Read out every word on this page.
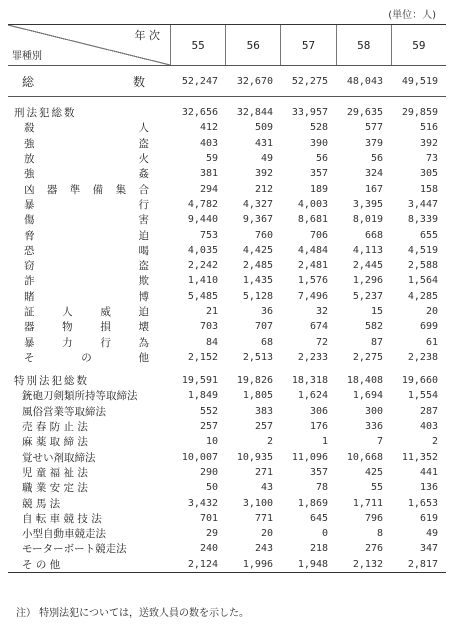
(単位：人)
年 次
罪種別
55	56	57	58	59
総	数	52,247	32,670	52,275	48,043	49,519
刑法犯総数	32,656	32,844	33,957	29,635	29,859
殺	人	412	509	528	577	516
強	盗	403	431	390	379	392
放	火	59	49	56	56	73
強	姦	381	392	357	324	305
凶 器 準 備 集 合	294	212	189	167	158
暴	行	4,782	4,327	4,003	3,395	3,447
傷	害	9,440	9,367	8,681	8,019	8,339
脅	迫	753	760	706	668	655
恐	喝	4,035	4,425	4,484	4,113	4,519
窃	盗	2,242	2,485	2,481	2,445	2,588
詐	欺	1,410	1,435	1,576	1,296	1,564
賭	博	5,485	5,128	7,496	5,237	4,285
証	人	威	迫	21	36	32	15	20
器	物	損	壊	703	707	674	582	699
暴	力	行	為	84	68	72	87	61
そ	の	他	2,152	2,513	2,233	2,275	2,238
特別法犯総数	19,591	19,826	18,318	18,408	19,660
銃砲刀剣類所持等取締法	1,849	1,805	1,624	1,694	1,554
風俗営業等取締法	552	383	306	300	287
売 春 防 止 法	257	257	176	336	403
麻 薬 取 締 法	10	2	1	7	2
覚せい剤取締法	10,007	10,935	11,096	10,668	11,352
児 童 福 祉 法	290	271	357	425	441
職 業 安 定 法	50	43	78	55	136
競 馬 法	3,432	3,100	1,869	1,711	1,653
自 転 車 競 技 法	701	771	645	796	619
小型自動車競走法	29	20	0	8	49
モーターボート競走法	240	243	218	276	347
そ の 他	2,124	1,996	1,948	2,132	2,817
注） 特別法犯については，送致人員の数を示した。
